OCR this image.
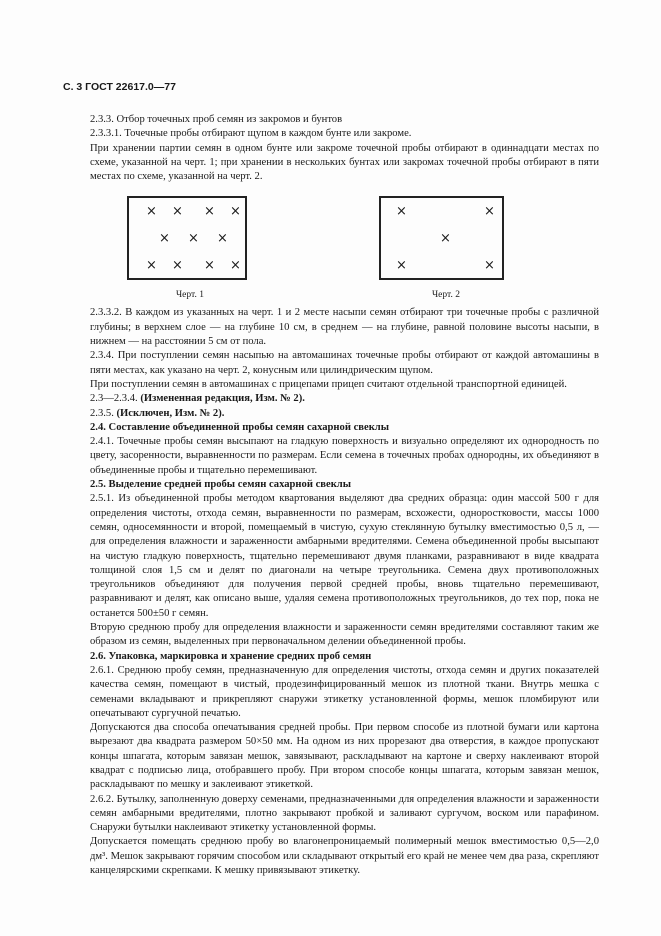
С. 3 ГОСТ 22617.0—77

2.3.3. Отбор точечных проб семян из закромов и бунтов

2.3.3.1. Точечные пробы отбирают щупом в каждом бунте или закроме.

При хранении партии семян в одном бунте или закроме точечной пробы отбирают в одиннадцати местах по схеме, указанной на черт. 1; при хранении в нескольких бунтах или закромах точечной пробы отбирают в пяти местах по схеме, указанной на черт. 2.

× × × ×
× × ×
× × × ×
Черт. 1
×	×
×
×	×
Черт. 2

2.3.3.2. В каждом из указанных на черт. 1 и 2 месте насыпи семян отбирают три точечные пробы с различной глубины; в верхнем слое — на глубине 10 см, в среднем — на глубине, равной половине высоты насыпи, в нижнем — на расстоянии 5 см от пола.

2.3.4. При поступлении семян насыпью на автомашинах точечные пробы отбирают от каждой автомашины в пяти местах, как указано на черт. 2, конусным или цилиндрическим щупом.

При поступлении семян в автомашинах с прицепами прицеп считают отдельной транспортной единицей.

2.3—2.3.4. (Измененная редакция, Изм. № 2).

2.3.5. (Исключен, Изм. № 2).

2.4. Составление объединенной пробы семян сахарной свеклы

2.4.1. Точечные пробы семян высыпают на гладкую поверхность и визуально определяют их однородность по цвету, засоренности, выравненности по размерам. Если семена в точечных пробах однородны, их объединяют в объединенные пробы и тщательно перемешивают.

2.5. Выделение средней пробы семян сахарной свеклы

2.5.1. Из объединенной пробы методом квартования выделяют два средних образца: один массой 500 г для определения чистоты, отхода семян, выравненности по размерам, всхожести, одноростковости, массы 1000 семян, односемянности и второй, помещаемый в чистую, сухую стеклянную бутылку вместимостью 0,5 л, — для определения влажности и зараженности амбарными вредителями. Семена объединенной пробы высыпают на чистую гладкую поверхность, тщательно перемешивают двумя планками, разравнивают в виде квадрата толщиной слоя 1,5 см и делят по диагонали на четыре треугольника. Семена двух противоположных треугольников объединяют для получения первой средней пробы, вновь тщательно перемешивают, разравнивают и делят, как описано выше, удаляя семена противоположных треугольников, до тех пор, пока не останется 500±50 г семян.

Вторую среднюю пробу для определения влажности и зараженности семян вредителями составляют таким же образом из семян, выделенных при первоначальном делении объединенной пробы.

2.6. Упаковка, маркировка и хранение средних проб семян

2.6.1. Среднюю пробу семян, предназначенную для определения чистоты, отхода семян и других показателей качества семян, помещают в чистый, продезинфицированный мешок из плотной ткани. Внутрь мешка с семенами вкладывают и прикрепляют снаружи этикетку установленной формы, мешок пломбируют или опечатывают сургучной печатью.

Допускаются два способа опечатывания средней пробы. При первом способе из плотной бумаги или картона вырезают два квадрата размером 50×50 мм. На одном из них прорезают два отверстия, в каждое пропускают концы шпагата, которым завязан мешок, завязывают, раскладывают на картоне и сверху наклеивают второй квадрат с подписью лица, отобравшего пробу. При втором способе концы шпагата, которым завязан мешок, раскладывают по мешку и заклеивают этикеткой.

2.6.2. Бутылку, заполненную доверху семенами, предназначенными для определения влажности и зараженности семян амбарными вредителями, плотно закрывают пробкой и заливают сургучом, воском или парафином. Снаружи бутылки наклеивают этикетку установленной формы.

Допускается помещать среднюю пробу во влагонепроницаемый полимерный мешок вместимостью 0,5—2,0 дм³. Мешок закрывают горячим способом или складывают открытый его край не менее чем два раза, скрепляют канцелярскими скрепками. К мешку привязывают этикетку.
